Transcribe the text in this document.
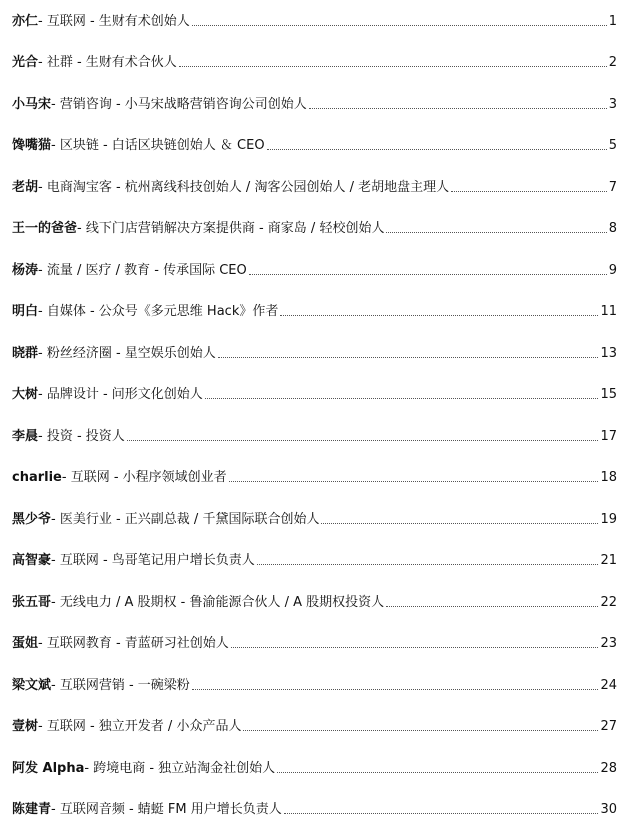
亦仁 - 互联网 - 生财有术创始人	1
光合 - 社群 - 生财有术合伙人	2
小马宋 - 营销咨询 - 小马宋战略营销咨询公司创始人	3
馋嘴猫 - 区块链 - 白话区块链创始人 ＆ CEO	5
老胡 - 电商淘宝客 - 杭州离线科技创始人 / 淘客公园创始人 / 老胡地盘主理人	7
王一的爸爸 - 线下门店营销解决方案提供商 - 商家岛 / 轻校创始人	8
杨涛 - 流量 / 医疗 / 教育 - 传承国际 CEO	9
明白 - 自媒体 - 公众号《多元思维 Hack》作者	11
晓群 - 粉丝经济圈 - 星空娱乐创始人	13
大树 - 品牌设计 - 问形文化创始人	15
李晨 - 投资 - 投资人	17
charlie - 互联网 - 小程序领域创业者	18
黑少爷 - 医美行业 - 正兴副总裁 / 千黛国际联合创始人	19
高智豪 - 互联网 - 鸟哥笔记用户增长负责人	21
张五哥 - 无线电力 / A 股期权 - 鲁渝能源合伙人 / A 股期权投资人	22
蛋姐 - 互联网教育 - 青蓝研习社创始人	23
梁文斌 - 互联网营销 - 一碗梁粉	24
壹树 - 互联网 - 独立开发者 / 小众产品人	27
阿发 Alpha - 跨境电商 - 独立站淘金社创始人	28
陈建青 - 互联网音频 - 蜻蜓 FM 用户增长负责人	30
